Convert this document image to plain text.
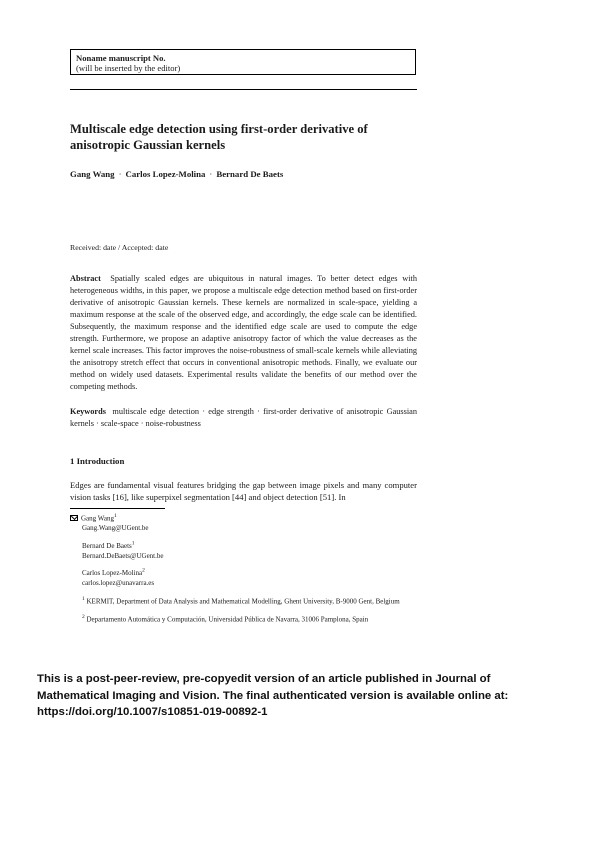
Noname manuscript No.
(will be inserted by the editor)
Multiscale edge detection using first-order derivative of anisotropic Gaussian kernels
Gang Wang · Carlos Lopez-Molina · Bernard De Baets
Received: date / Accepted: date
Abstract Spatially scaled edges are ubiquitous in natural images. To better detect edges with heterogeneous widths, in this paper, we propose a multiscale edge detection method based on first-order derivative of anisotropic Gaussian kernels. These kernels are normalized in scale-space, yielding a maximum response at the scale of the observed edge, and accordingly, the edge scale can be identified. Subsequently, the maximum response and the identified edge scale are used to compute the edge strength. Furthermore, we propose an adaptive anisotropy factor of which the value decreases as the kernel scale increases. This factor improves the noise-robustness of small-scale kernels while alleviating the anisotropy stretch effect that occurs in conventional anisotropic methods. Finally, we evaluate our method on widely used datasets. Experimental results validate the benefits of our method over the competing methods.
Keywords multiscale edge detection · edge strength · first-order derivative of anisotropic Gaussian kernels · scale-space · noise-robustness
1 Introduction
Edges are fundamental visual features bridging the gap between image pixels and many computer vision tasks [16], like superpixel segmentation [44] and object detection [51]. In
Gang Wang$^1$
Gang.Wang@UGent.be
Bernard De Baets$^1$
Bernard.DeBaets@UGent.be
Carlos Lopez-Molina$^2$
carlos.lopez@unavarra.es
$^1$ KERMIT, Department of Data Analysis and Mathematical Modelling, Ghent University, B-9000 Gent, Belgium
$^2$ Departamento Automática y Computación, Universidad Pública de Navarra, 31006 Pamplona, Spain
This is a post-peer-review, pre-copyedit version of an article published in Journal of Mathematical Imaging and Vision. The final authenticated version is available online at: https://doi.org/10.1007/s10851-019-00892-1
